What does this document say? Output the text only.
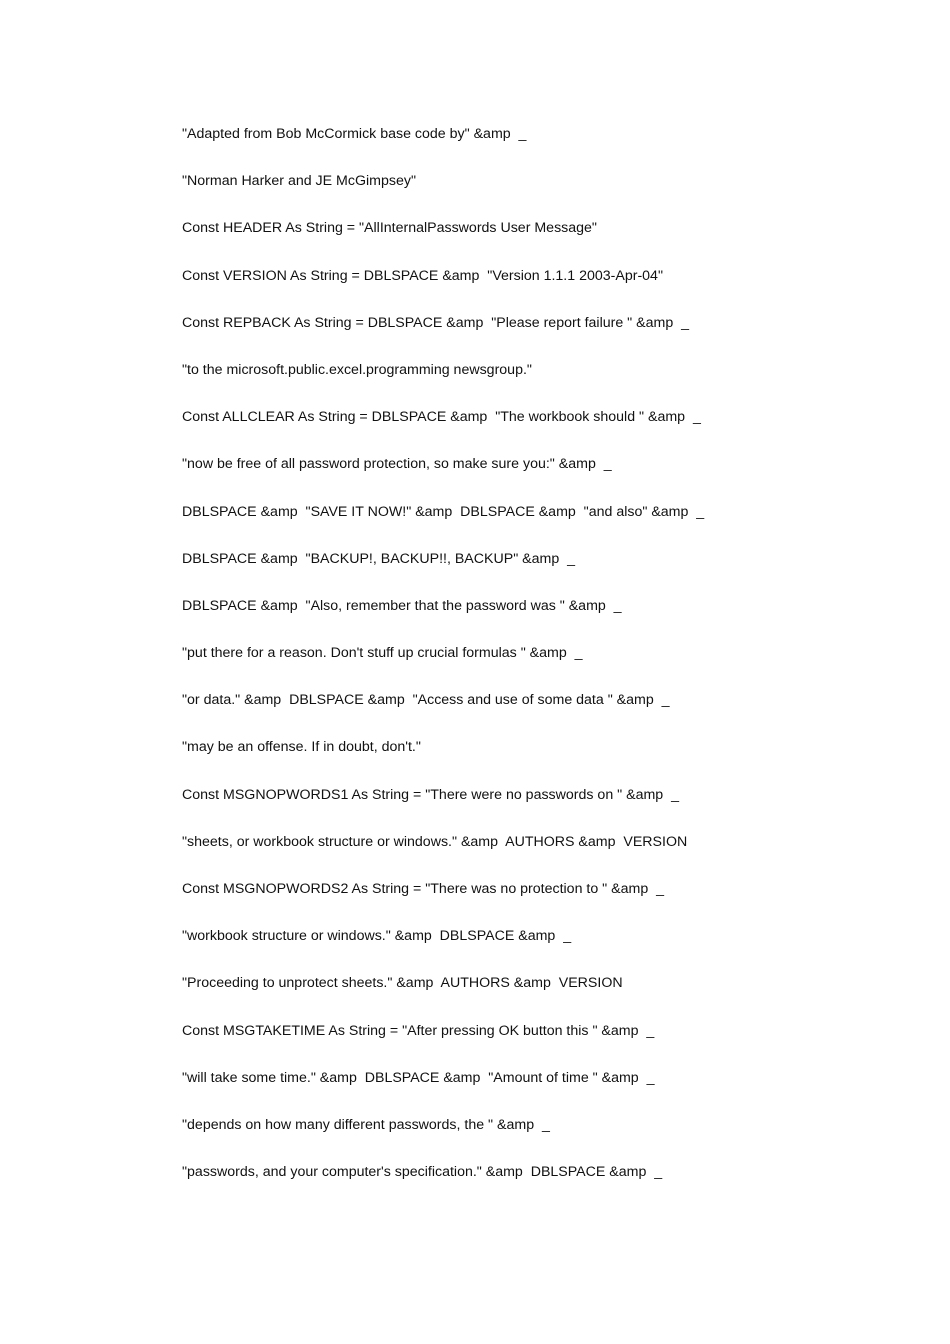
"Adapted from Bob McCormick base code by" &amp  _
"Norman Harker and JE McGimpsey"
Const HEADER As String = "AllInternalPasswords User Message"
Const VERSION As String = DBLSPACE &amp  "Version 1.1.1 2003-Apr-04"
Const REPBACK As String = DBLSPACE &amp  "Please report failure " &amp  _
"to the microsoft.public.excel.programming newsgroup."
Const ALLCLEAR As String = DBLSPACE &amp  "The workbook should " &amp  _
"now be free of all password protection, so make sure you:" &amp  _
DBLSPACE &amp  "SAVE IT NOW!" &amp  DBLSPACE &amp  "and also" &amp  _
DBLSPACE &amp  "BACKUP!, BACKUP!!, BACKUP" &amp  _
DBLSPACE &amp  "Also, remember that the password was " &amp  _
"put there for a reason. Don't stuff up crucial formulas " &amp  _
"or data." &amp  DBLSPACE &amp  "Access and use of some data " &amp  _
"may be an offense. If in doubt, don't."
Const MSGNOPWORDS1 As String = "There were no passwords on " &amp  _
"sheets, or workbook structure or windows." &amp  AUTHORS &amp  VERSION
Const MSGNOPWORDS2 As String = "There was no protection to " &amp  _
"workbook structure or windows." &amp  DBLSPACE &amp  _
"Proceeding to unprotect sheets." &amp  AUTHORS &amp  VERSION
Const MSGTAKETIME As String = "After pressing OK button this " &amp  _
"will take some time." &amp  DBLSPACE &amp  "Amount of time " &amp  _
"depends on how many different passwords, the " &amp  _
"passwords, and your computer's specification." &amp  DBLSPACE &amp  _
